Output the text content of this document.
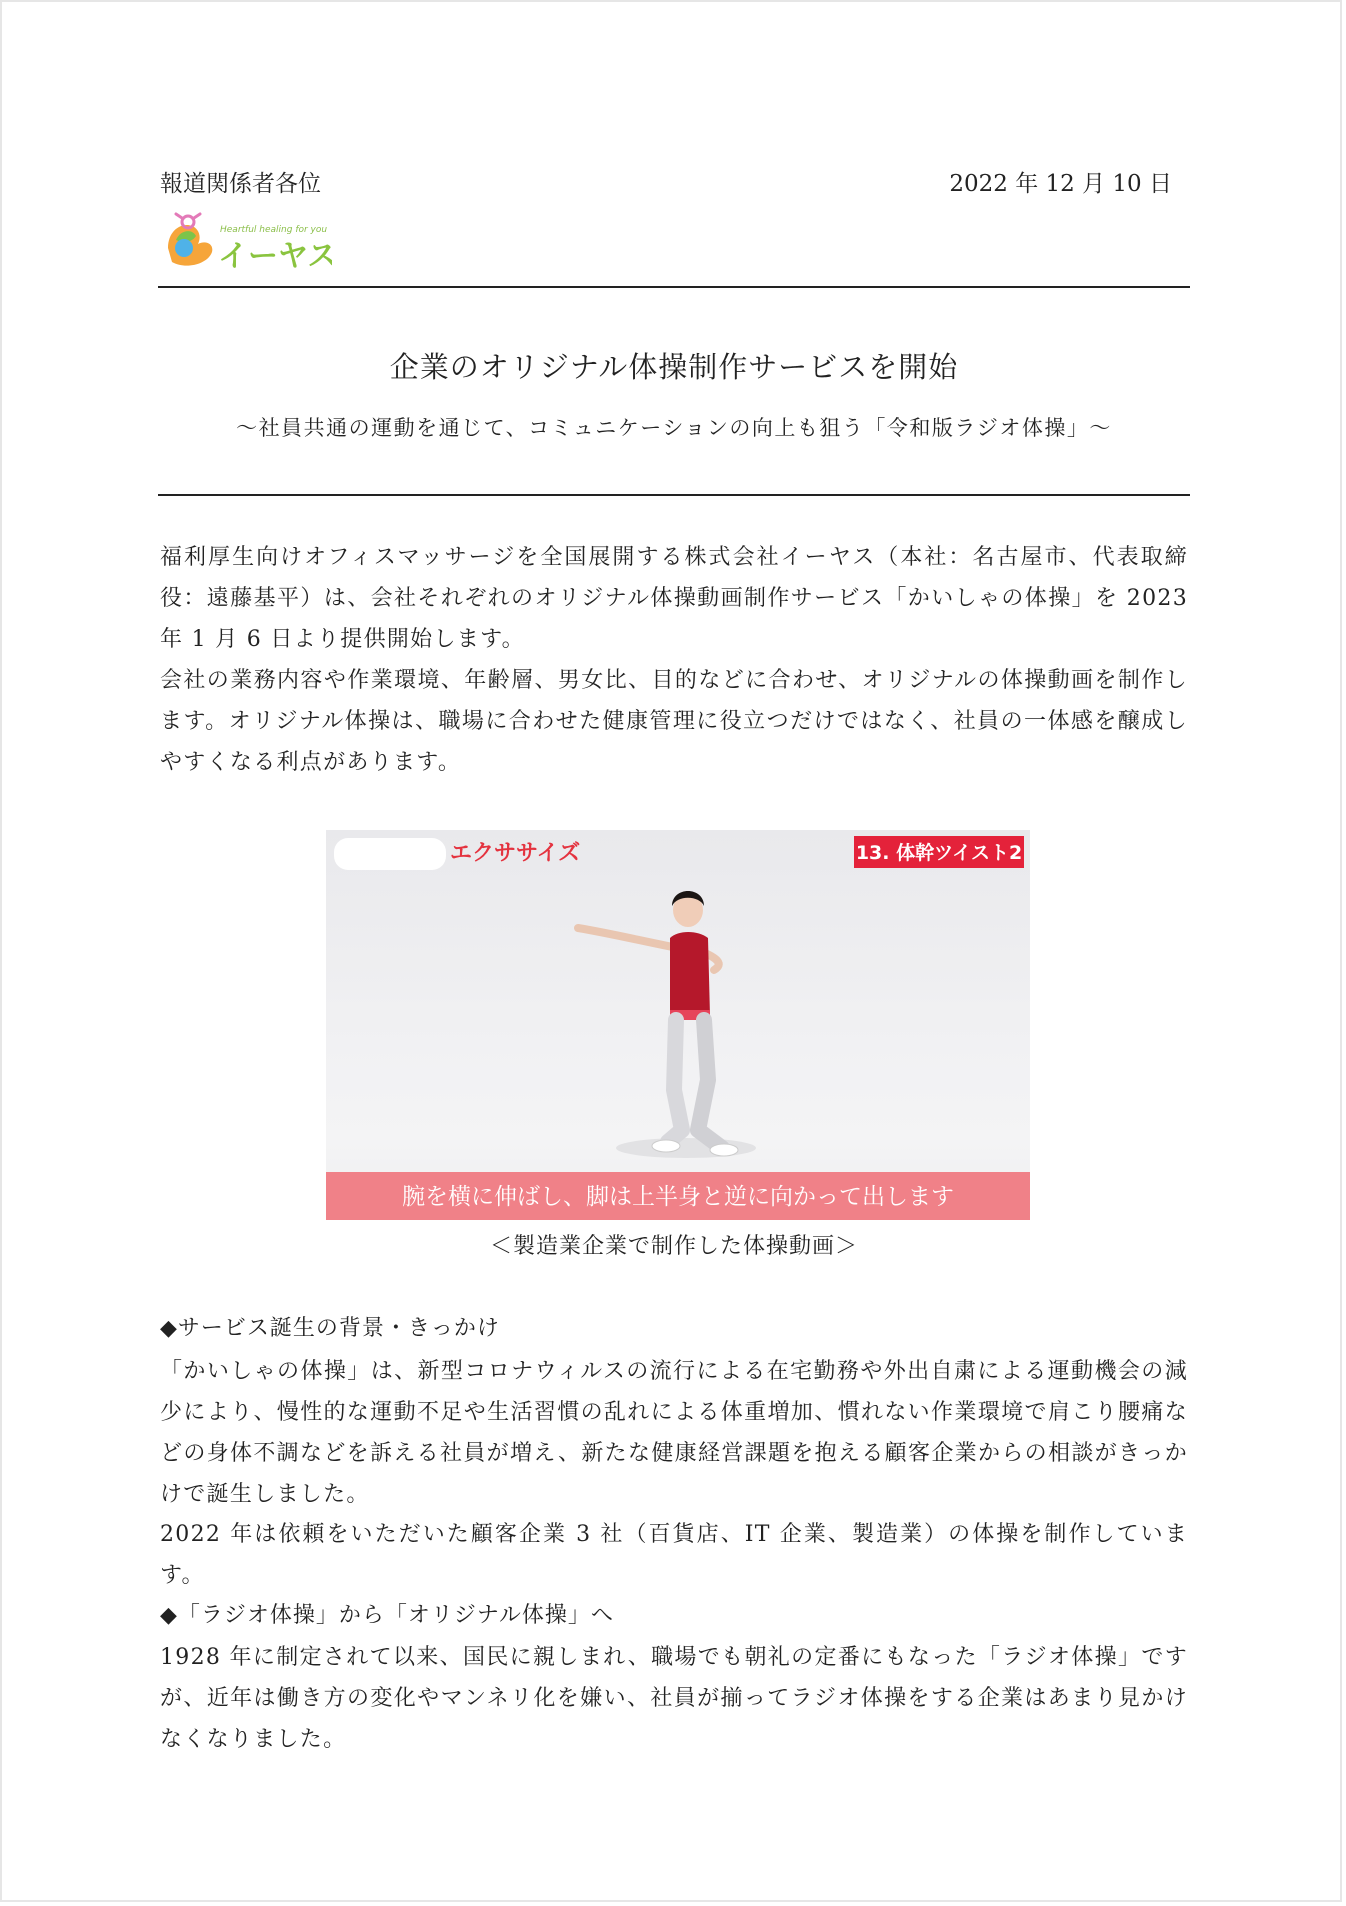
報道関係者各位	2022 年 12 月 10 日
Heartful healing for you
イーヤス
企業のオリジナル体操制作サービスを開始
〜社員共通の運動を通じて、コミュニケーションの向上も狙う「令和版ラジオ体操」〜
福利厚生向けオフィスマッサージを全国展開する株式会社イーヤス（本社：名古屋市、代表取締役：遠藤基平）は、会社それぞれのオリジナル体操動画制作サービス「かいしゃの体操」を 2023 年 1 月 6 日より提供開始します。
会社の業務内容や作業環境、年齢層、男女比、目的などに合わせ、オリジナルの体操動画を制作します。オリジナル体操は、職場に合わせた健康管理に役立つだけではなく、社員の一体感を醸成しやすくなる利点があります。
エクササイズ	13. 体幹ツイスト2
腕を横に伸ばし、脚は上半身と逆に向かって出します
＜製造業企業で制作した体操動画＞
◆サービス誕生の背景・きっかけ
「かいしゃの体操」は、新型コロナウィルスの流行による在宅勤務や外出自粛による運動機会の減少により、慢性的な運動不足や生活習慣の乱れによる体重増加、慣れない作業環境で肩こり腰痛などの身体不調などを訴える社員が増え、新たな健康経営課題を抱える顧客企業からの相談がきっかけで誕生しました。
2022 年は依頼をいただいた顧客企業 3 社（百貨店、IT 企業、製造業）の体操を制作しています。
◆「ラジオ体操」から「オリジナル体操」へ
1928 年に制定されて以来、国民に親しまれ、職場でも朝礼の定番にもなった「ラジオ体操」ですが、近年は働き方の変化やマンネリ化を嫌い、社員が揃ってラジオ体操をする企業はあまり見かけなくなりました。
